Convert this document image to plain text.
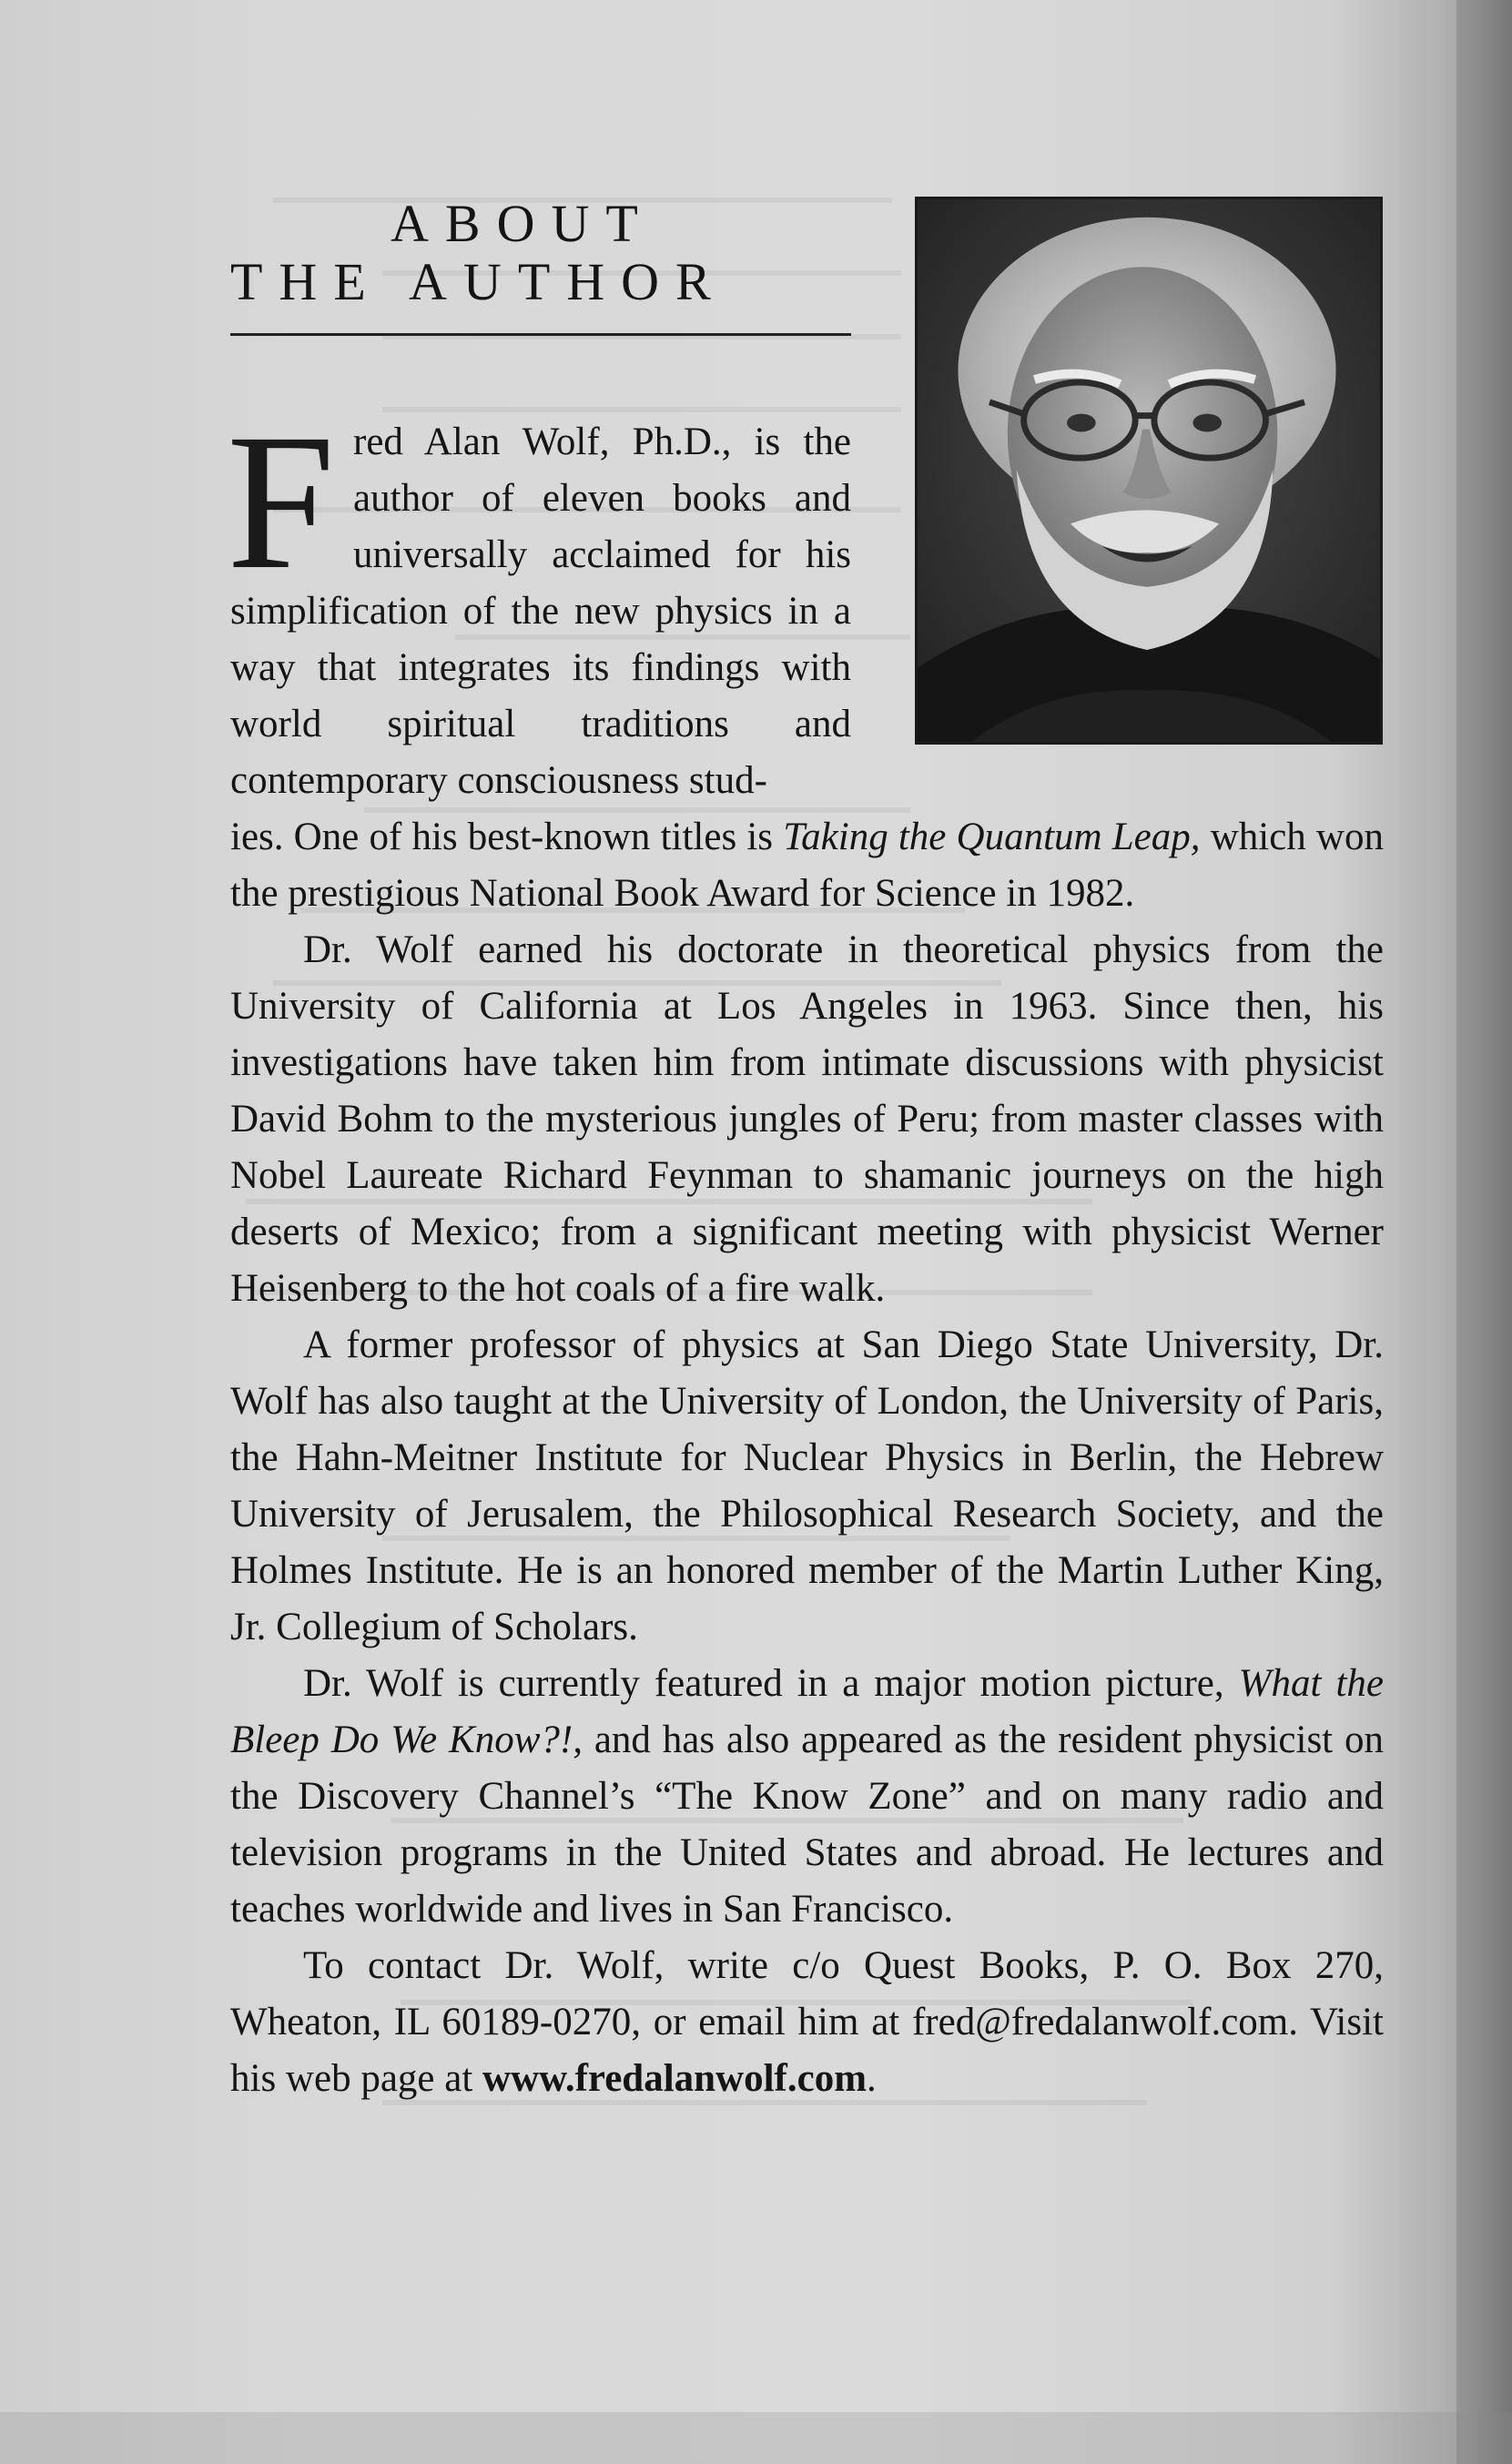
ABOUT
THE AUTHOR

Fred Alan Wolf, Ph.D., is the author of eleven books and universally acclaimed for his simplification of the new physics in a way that integrates its findings with world spiritual traditions and contemporary consciousness stud-

ies. One of his best-known titles is Taking the Quantum Leap, which won the prestigious National Book Award for Science in 1982.

Dr. Wolf earned his doctorate in theoretical physics from the University of California at Los Angeles in 1963. Since then, his investigations have taken him from intimate discussions with physicist David Bohm to the mysterious jungles of Peru; from master classes with Nobel Laureate Richard Feynman to shamanic journeys on the high deserts of Mexico; from a significant meeting with physicist Werner Heisenberg to the hot coals of a fire walk.

A former professor of physics at San Diego State University, Dr. Wolf has also taught at the University of London, the University of Paris, the Hahn-Meitner Institute for Nuclear Physics in Berlin, the Hebrew University of Jerusalem, the Philosophical Research Society, and the Holmes Institute. He is an honored member of the Martin Luther King, Jr. Collegium of Scholars.

Dr. Wolf is currently featured in a major motion picture, What the Bleep Do We Know?!, and has also appeared as the resident physicist on the Discovery Channel’s “The Know Zone” and on many radio and television programs in the United States and abroad. He lectures and teaches worldwide and lives in San Francisco.

To contact Dr. Wolf, write c/o Quest Books, P. O. Box 270, Wheaton, IL 60189-0270, or email him at fred@fredalanwolf.com. Visit his web page at www.fredalanwolf.com.
